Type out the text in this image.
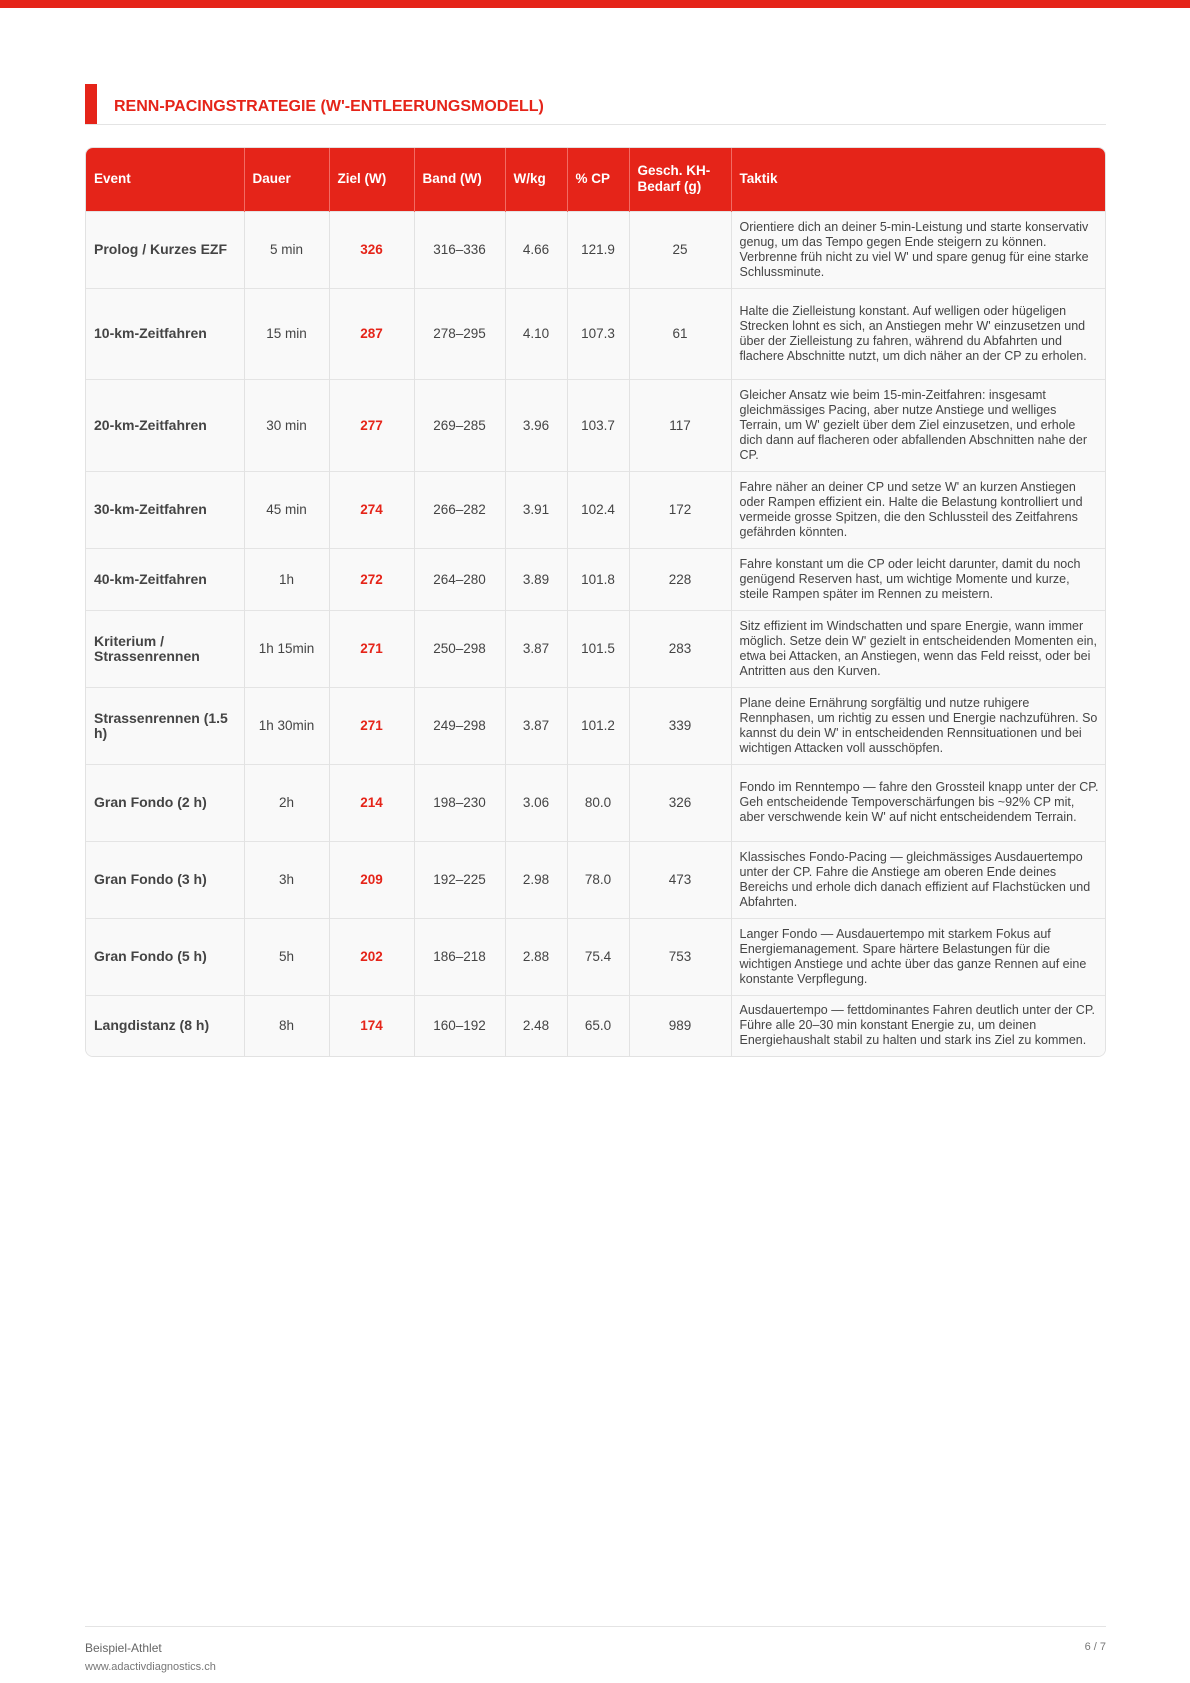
RENN-PACINGSTRATEGIE (W'-ENTLEERUNGSMODELL)
Event	Dauer	Ziel (W)	Band (W)	W/kg	% CP	Gesch. KH-Bedarf (g)	Taktik
Prolog / Kurzes EZF	5 min	326	316–336	4.66	121.9	25	Orientiere dich an deiner 5-min-Leistung und starte konservativ genug, um das Tempo gegen Ende steigern zu können. Verbrenne früh nicht zu viel W' und spare genug für eine starke Schlussminute.
10-km-Zeitfahren	15 min	287	278–295	4.10	107.3	61	Halte die Zielleistung konstant. Auf welligen oder hügeligen Strecken lohnt es sich, an Anstiegen mehr W' einzusetzen und über der Zielleistung zu fahren, während du Abfahrten und flachere Abschnitte nutzt, um dich näher an der CP zu erholen.
20-km-Zeitfahren	30 min	277	269–285	3.96	103.7	117	Gleicher Ansatz wie beim 15-min-Zeitfahren: insgesamt gleichmässiges Pacing, aber nutze Anstiege und welliges Terrain, um W' gezielt über dem Ziel einzusetzen, und erhole dich dann auf flacheren oder abfallenden Abschnitten nahe der CP.
30-km-Zeitfahren	45 min	274	266–282	3.91	102.4	172	Fahre näher an deiner CP und setze W' an kurzen Anstiegen oder Rampen effizient ein. Halte die Belastung kontrolliert und vermeide grosse Spitzen, die den Schlussteil des Zeitfahrens gefährden könnten.
40-km-Zeitfahren	1h	272	264–280	3.89	101.8	228	Fahre konstant um die CP oder leicht darunter, damit du noch genügend Reserven hast, um wichtige Momente und kurze, steile Rampen später im Rennen zu meistern.
Kriterium / Strassenrennen	1h 15min	271	250–298	3.87	101.5	283	Sitz effizient im Windschatten und spare Energie, wann immer möglich. Setze dein W' gezielt in entscheidenden Momenten ein, etwa bei Attacken, an Anstiegen, wenn das Feld reisst, oder bei Antritten aus den Kurven.
Strassenrennen (1.5 h)	1h 30min	271	249–298	3.87	101.2	339	Plane deine Ernährung sorgfältig und nutze ruhigere Rennphasen, um richtig zu essen und Energie nachzuführen. So kannst du dein W' in entscheidenden Rennsituationen und bei wichtigen Attacken voll ausschöpfen.
Gran Fondo (2 h)	2h	214	198–230	3.06	80.0	326	Fondo im Renntempo — fahre den Grossteil knapp unter der CP. Geh entscheidende Tempoverschärfungen bis ~92% CP mit, aber verschwende kein W' auf nicht entscheidendem Terrain.
Gran Fondo (3 h)	3h	209	192–225	2.98	78.0	473	Klassisches Fondo-Pacing — gleichmässiges Ausdauertempo unter der CP. Fahre die Anstiege am oberen Ende deines Bereichs und erhole dich danach effizient auf Flachstücken und Abfahrten.
Gran Fondo (5 h)	5h	202	186–218	2.88	75.4	753	Langer Fondo — Ausdauertempo mit starkem Fokus auf Energiemanagement. Spare härtere Belastungen für die wichtigen Anstiege und achte über das ganze Rennen auf eine konstante Verpflegung.
Langdistanz (8 h)	8h	174	160–192	2.48	65.0	989	Ausdauertempo — fettdominantes Fahren deutlich unter der CP. Führe alle 20–30 min konstant Energie zu, um deinen Energiehaushalt stabil zu halten und stark ins Ziel zu kommen.
Beispiel-Athlet
www.adactivdiagnostics.ch
6 / 7
